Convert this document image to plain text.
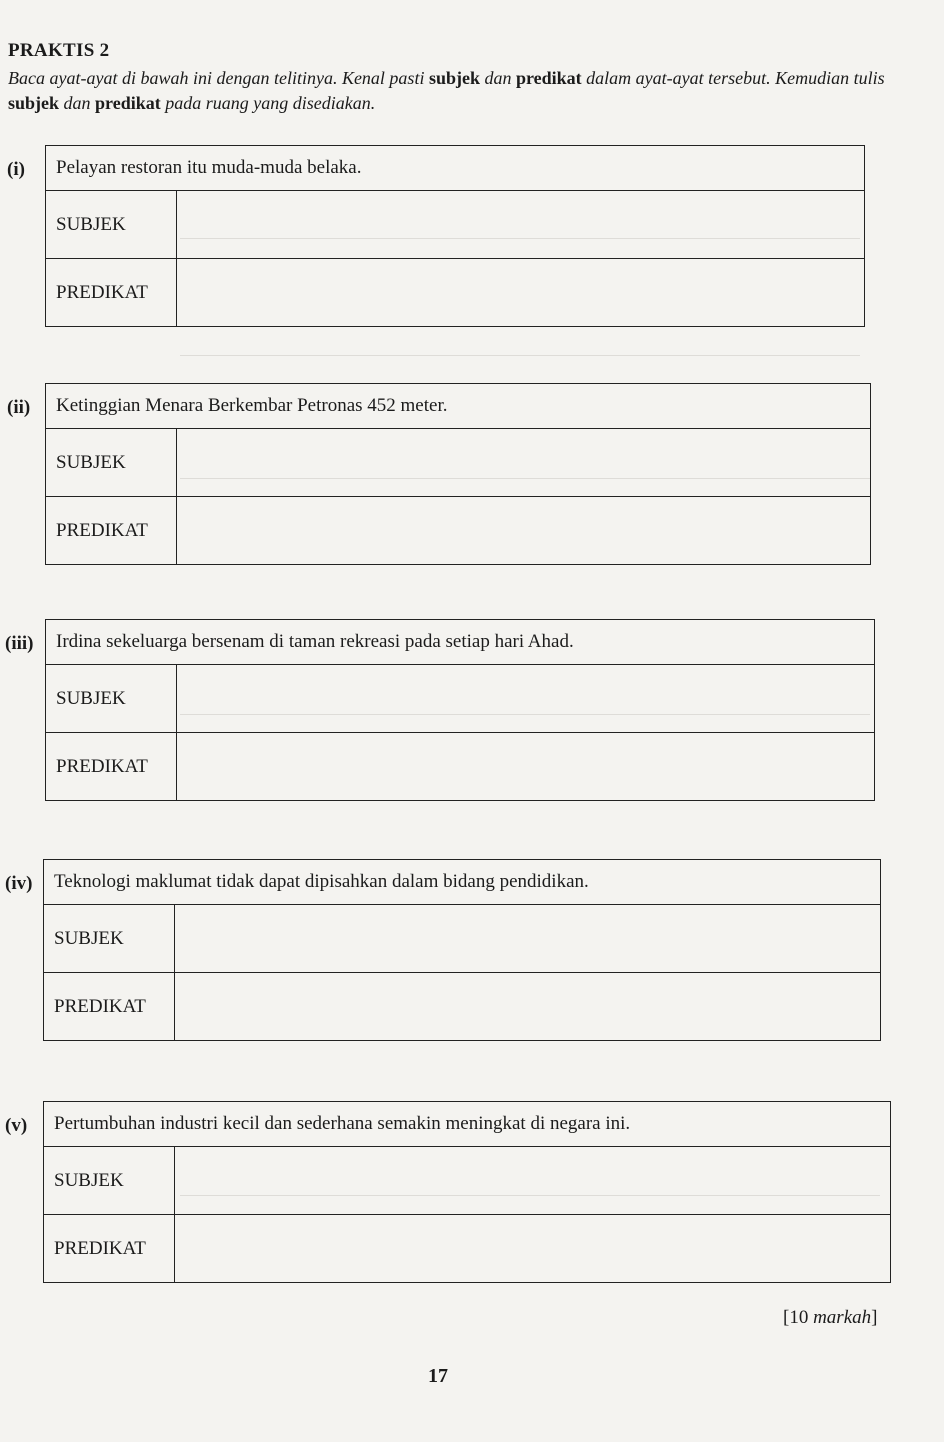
PRAKTIS 2
Baca ayat-ayat di bawah ini dengan telitinya. Kenal pasti subjek dan predikat dalam ayat-ayat tersebut. Kemudian tulis subjek dan predikat pada ruang yang disediakan.
(i) Pelayan restoran itu muda-muda belaka.	
SUBJEK	
PREDIKAT	
(ii) Ketinggian Menara Berkembar Petronas 452 meter.	
SUBJEK	
PREDIKAT	
(iii) Irdina sekeluarga bersenam di taman rekreasi pada setiap hari Ahad.	
SUBJEK	
PREDIKAT	
(iv) Teknologi maklumat tidak dapat dipisahkan dalam bidang pendidikan.	
SUBJEK	
PREDIKAT	
(v) Pertumbuhan industri kecil dan sederhana semakin meningkat di negara ini.	
SUBJEK	
PREDIKAT	
[10 markah]
17
